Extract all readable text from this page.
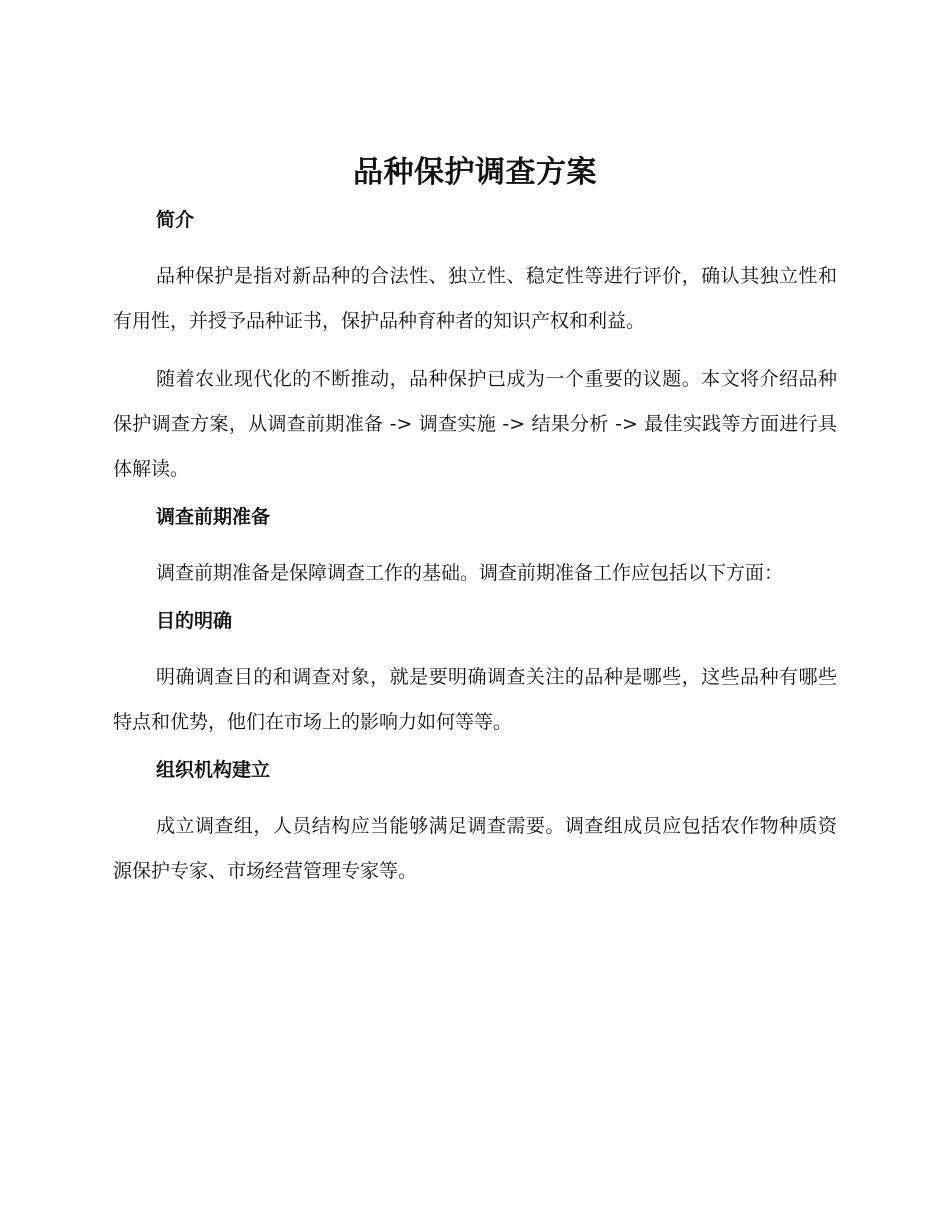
品种保护调查方案
简介

品种保护是指对新品种的合法性、独立性、稳定性等进行评价，确认其独立性和有用性，并授予品种证书，保护品种育种者的知识产权和利益。

随着农业现代化的不断推动，品种保护已成为一个重要的议题。本文将介绍品种保护调查方案，从调查前期准备 -> 调查实施 -> 结果分析 -> 最佳实践等方面进行具体解读。

调查前期准备

调查前期准备是保障调查工作的基础。调查前期准备工作应包括以下方面：

目的明确

明确调查目的和调查对象，就是要明确调查关注的品种是哪些，这些品种有哪些特点和优势，他们在市场上的影响力如何等等。

组织机构建立

成立调查组，人员结构应当能够满足调查需要。调查组成员应包括农作物种质资源保护专家、市场经营管理专家等。
